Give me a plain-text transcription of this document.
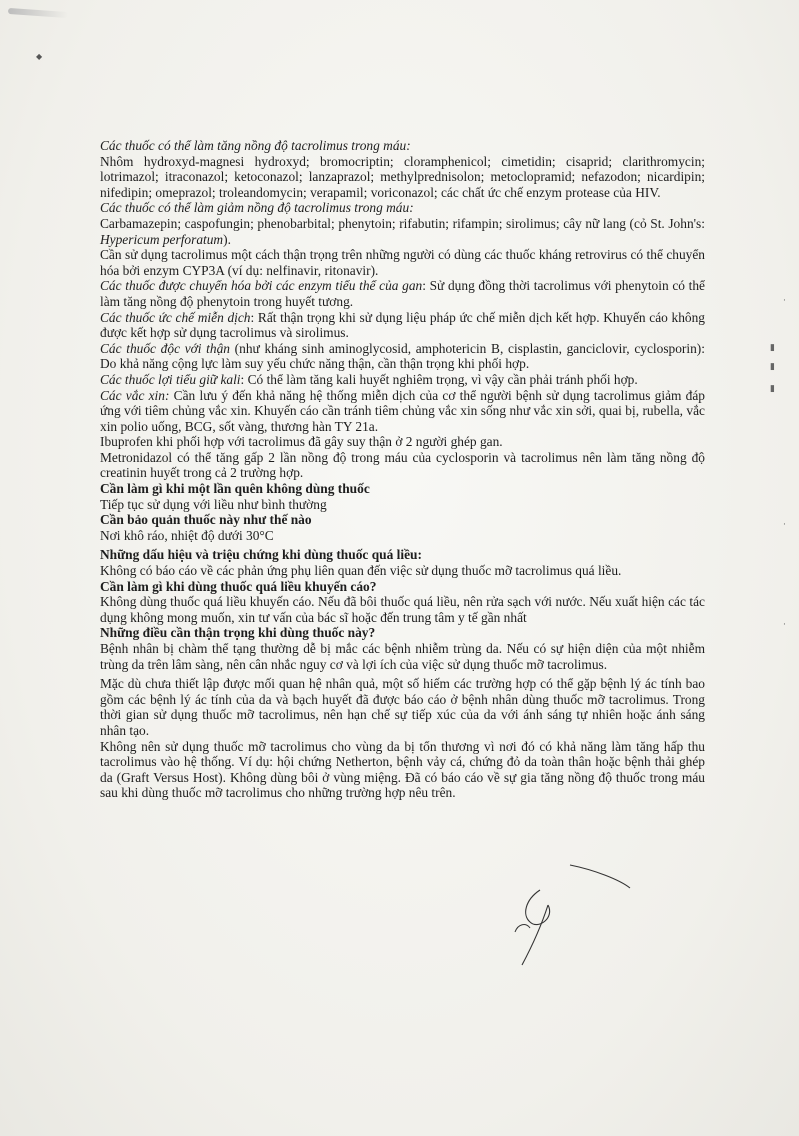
◆
▮
▮
▮
·
·
·

Các thuốc có thể làm tăng nồng độ tacrolimus trong máu:

Nhôm hydroxyd-magnesi hydroxyd; bromocriptin; cloramphenicol; cimetidin; cisaprid; clarithromycin; lotrimazol; itraconazol; ketoconazol; lanzaprazol; methylprednisolon; metoclopramid; nefazodon; nicardipin; nifedipin; omeprazol; troleandomycin; verapamil; voriconazol; các chất ức chế enzym protease của HIV.

Các thuốc có thể làm giảm nồng độ tacrolimus trong máu:

Carbamazepin; caspofungin; phenobarbital; phenytoin; rifabutin; rifampin; sirolimus; cây nữ lang (cỏ St. John's: Hypericum perforatum).

Cần sử dụng tacrolimus một cách thận trọng trên những người có dùng các thuốc kháng retrovirus có thể chuyển hóa bởi enzym CYP3A (ví dụ: nelfinavir, ritonavir).

Các thuốc được chuyển hóa bởi các enzym tiểu thể của gan: Sử dụng đồng thời tacrolimus với phenytoin có thể làm tăng nồng độ phenytoin trong huyết tương.

Các thuốc ức chế miễn dịch: Rất thận trọng khi sử dụng liệu pháp ức chế miễn dịch kết hợp. Khuyến cáo không được kết hợp sử dụng tacrolimus và sirolimus.

Các thuốc độc với thận (như kháng sinh aminoglycosid, amphotericin B, cisplastin, ganciclovir, cyclosporin): Do khả năng cộng lực làm suy yếu chức năng thận, cần thận trọng khi phối hợp.

Các thuốc lợi tiểu giữ kali: Có thể làm tăng kali huyết nghiêm trọng, vì vậy cần phải tránh phối hợp.

Các vắc xin: Cần lưu ý đến khả năng hệ thống miễn dịch của cơ thể người bệnh sử dụng tacrolimus giảm đáp ứng với tiêm chủng vắc xin. Khuyến cáo cần tránh tiêm chủng vắc xin sống như vắc xin sởi, quai bị, rubella, vắc xin polio uống, BCG, sốt vàng, thương hàn TY 21a.

Ibuprofen khi phối hợp với tacrolimus đã gây suy thận ở 2 người ghép gan.

Metronidazol có thể tăng gấp 2 lần nồng độ trong máu của cyclosporin và tacrolimus nên làm tăng nồng độ creatinin huyết trong cả 2 trường hợp.

Cần làm gì khi một lần quên không dùng thuốc

Tiếp tục sử dụng với liều như bình thường

Cần bảo quản thuốc này như thế nào

Nơi khô ráo, nhiệt độ dưới 30°C

Những dấu hiệu và triệu chứng khi dùng thuốc quá liều:

Không có báo cáo về các phản ứng phụ liên quan đến việc sử dụng thuốc mỡ tacrolimus quá liều.

Cần làm gì khi dùng thuốc quá liều khuyến cáo?

Không dùng thuốc quá liều khuyến cáo. Nếu đã bôi thuốc quá liều, nên rửa sạch với nước. Nếu xuất hiện các tác dụng không mong muốn, xin tư vấn của bác sĩ hoặc đến trung tâm y tế gần nhất

Những điều cần thận trọng khi dùng thuốc này?

Bệnh nhân bị chàm thể tạng thường dễ bị mắc các bệnh nhiễm trùng da. Nếu có sự hiện diện của một nhiễm trùng da trên lâm sàng, nên cân nhắc nguy cơ và lợi ích của việc sử dụng thuốc mỡ tacrolimus.

Mặc dù chưa thiết lập được mối quan hệ nhân quả, một số hiếm các trường hợp có thể gặp bệnh lý ác tính bao gồm các bệnh lý ác tính của da và bạch huyết đã được báo cáo ở bệnh nhân dùng thuốc mỡ tacrolimus. Trong thời gian sử dụng thuốc mỡ tacrolimus, nên hạn chế sự tiếp xúc của da với ánh sáng tự nhiên hoặc ánh sáng nhân tạo.

Không nên sử dụng thuốc mỡ tacrolimus cho vùng da bị tổn thương vì nơi đó có khả năng làm tăng hấp thu tacrolimus vào hệ thống. Ví dụ: hội chứng Netherton, bệnh vảy cá, chứng đỏ da toàn thân hoặc bệnh thải ghép da (Graft Versus Host). Không dùng bôi ở vùng miệng. Đã có báo cáo về sự gia tăng nồng độ thuốc trong máu sau khi dùng thuốc mỡ tacrolimus cho những trường hợp nêu trên.
